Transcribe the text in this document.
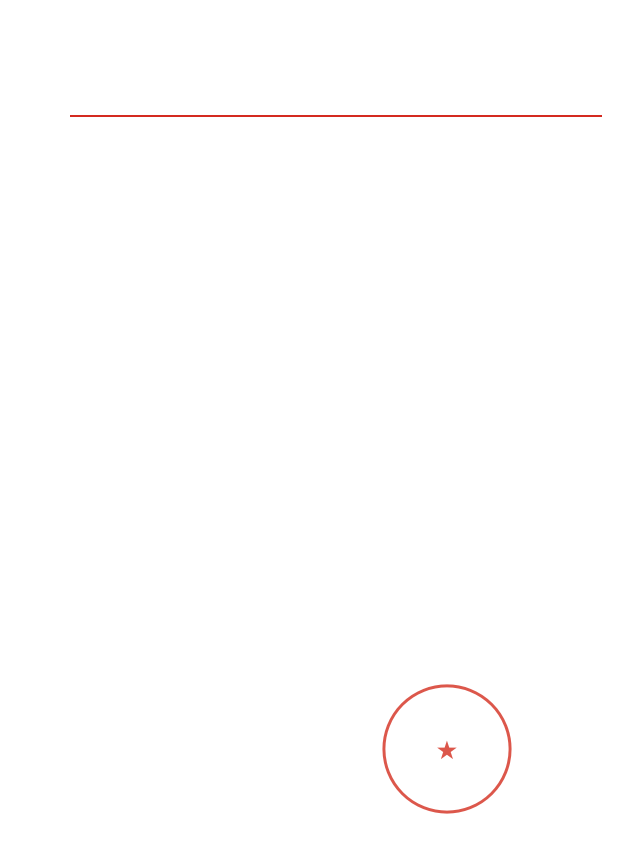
★
